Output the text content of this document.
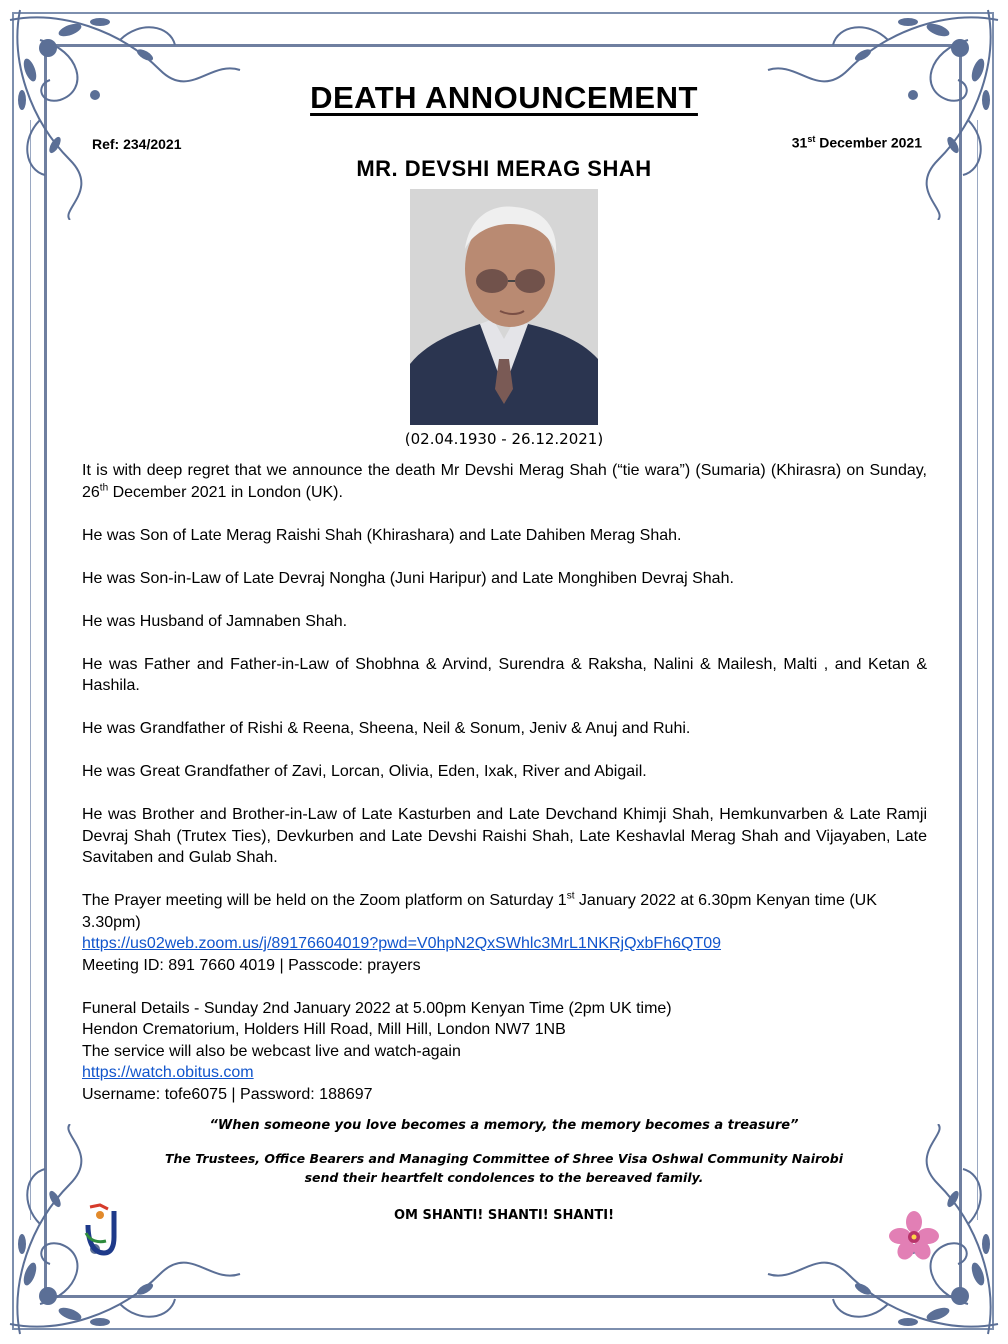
DEATH ANNOUNCEMENT
Ref: 234/2021	31st December 2021
MR. DEVSHI MERAG SHAH
(02.04.1930 - 26.12.2021)

It is with deep regret that we announce the death Mr Devshi Merag Shah (“tie wara”) (Sumaria) (Khirasra) on Sunday, 26th December 2021 in London (UK).

He was Son of Late Merag Raishi Shah (Khirashara) and Late Dahiben Merag Shah.

He was Son-in-Law of Late Devraj Nongha (Juni Haripur) and Late Monghiben Devraj Shah.

He was Husband of Jamnaben Shah.

He was Father and Father-in-Law of Shobhna & Arvind, Surendra & Raksha, Nalini & Mailesh, Malti , and Ketan & Hashila.

He was Grandfather of Rishi & Reena, Sheena, Neil & Sonum, Jeniv & Anuj and Ruhi.

He was Great Grandfather of Zavi, Lorcan, Olivia, Eden, Ixak, River and Abigail.

He was Brother and Brother-in-Law of Late Kasturben and Late Devchand Khimji Shah, Hemkunvarben & Late Ramji Devraj Shah (Trutex Ties), Devkurben and Late Devshi Raishi Shah, Late Keshavlal Merag Shah and Vijayaben, Late Savitaben and Gulab Shah.

The Prayer meeting will be held on the Zoom platform on Saturday 1st January 2022 at 6.30pm Kenyan time (UK 3.30pm)
https://us02web.zoom.us/j/89176604019?pwd=V0hpN2QxSWhlc3MrL1NKRjQxbFh6QT09
Meeting ID: 891 7660 4019 | Passcode: prayers

Funeral Details - Sunday 2nd January 2022 at 5.00pm Kenyan Time (2pm UK time)
Hendon Crematorium, Holders Hill Road, Mill Hill, London NW7 1NB
The service will also be webcast live and watch-again
https://watch.obitus.com
Username: tofe6075 | Password: 188697

“When someone you love becomes a memory, the memory becomes a treasure”
The Trustees, Office Bearers and Managing Committee of Shree Visa Oshwal Community Nairobi
send their heartfelt condolences to the bereaved family.
OM SHANTI! SHANTI! SHANTI!
